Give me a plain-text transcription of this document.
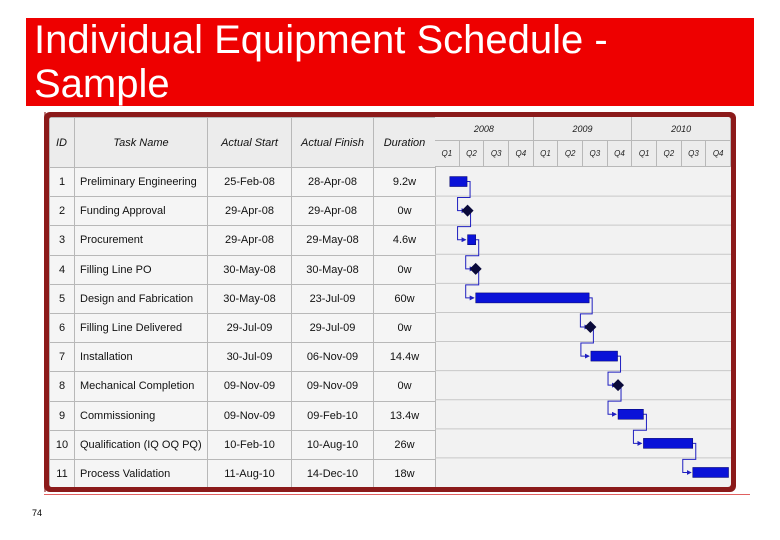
Individual Equipment Schedule - Sample
ID	Task Name	Actual Start	Actual Finish	Duration
1	Preliminary Engineering	25-Feb-08	28-Apr-08	9.2w
2	Funding Approval	29-Apr-08	29-Apr-08	0w
3	Procurement	29-Apr-08	29-May-08	4.6w
4	Filling Line PO	30-May-08	30-May-08	0w
5	Design and Fabrication	30-May-08	23-Jul-09	60w
6	Filling Line Delivered	29-Jul-09	29-Jul-09	0w
7	Installation	30-Jul-09	06-Nov-09	14.4w
8	Mechanical Completion	09-Nov-09	09-Nov-09	0w
9	Commissioning	09-Nov-09	09-Feb-10	13.4w
10	Qualification (IQ OQ PQ)	10-Feb-10	10-Aug-10	26w
11	Process Validation	11-Aug-10	14-Dec-10	18w
2008	2009	2010
Q1	Q2	Q3	Q4	Q1	Q2	Q3	Q4	Q1	Q2	Q3	Q4
74
